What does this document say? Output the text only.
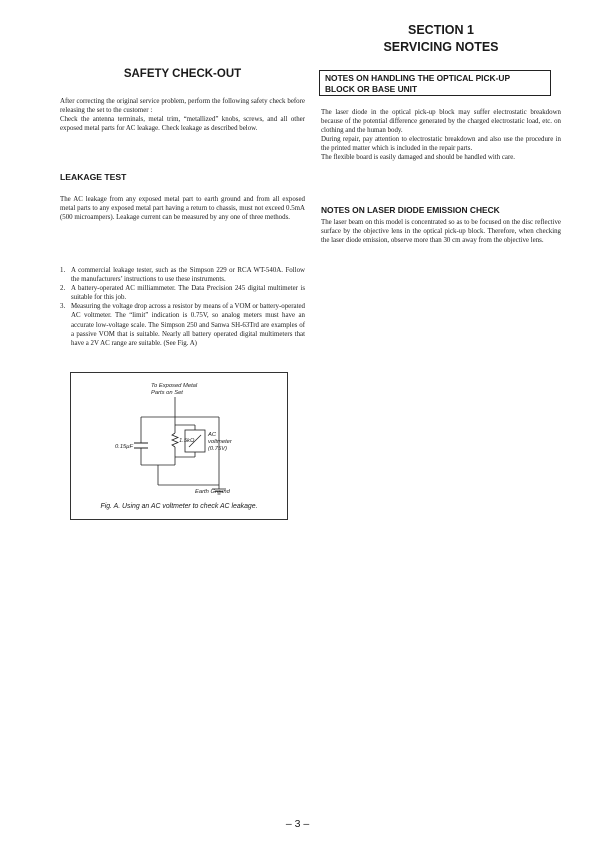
SECTION 1
SERVICING NOTES
SAFETY CHECK-OUT

After correcting the original service problem, perform the following safety check before releasing the set to the customer :

Check the antenna terminals, metal trim, “metallized” knobs, screws, and all other exposed metal parts for AC leakage. Check leakage as described below.

LEAKAGE TEST

The AC leakage from any exposed metal part to earth ground and from all exposed metal parts to any exposed metal part having a return to chassis, must not exceed 0.5mA (500 microampers). Leakage current can be measured by any one of three methods.

1. A commercial leakage tester, such as the Simpson 229 or RCA WT-540A. Follow the manufacturers’ instructions to use these instruments.
2. A battery-operated AC milliammeter. The Data Precision 245 digital multimeter is suitable for this job.
3. Measuring the voltage drop across a resistor by means of a VOM or battery-operated AC voltmeter. The “limit” indication is 0.75V, so analog meters must have an accurate low-voltage scale. The Simpson 250 and Sanwa SH-63Trd are examples of a passive VOM that is suitable. Nearly all battery operated digital multimeters that have a 2V AC range are suitable. (See Fig. A)
To Exposed Metal
Parts on Set
0.15μF
1.5kΩ
AC
voltmeter
(0.75V)
Earth Ground
Fig. A. Using an AC voltmeter to check AC leakage.
NOTES ON HANDLING THE OPTICAL PICK-UP
BLOCK OR BASE UNIT

The laser diode in the optical pick-up block may suffer electrostatic breakdown because of the potential difference generated by the charged electrostatic load, etc. on clothing and the human body.

During repair, pay attention to electrostatic breakdown and also use the procedure in the printed matter which is included in the repair parts.

The flexible board is easily damaged and should be handled with care.

NOTES ON LASER DIODE EMISSION CHECK

The laser beam on this model is concentrated so as to be focused on the disc reflective surface by the objective lens in the optical pick-up block. Therefore, when checking the laser diode emission, observe more than 30 cm away from the objective lens.

– 3 –
